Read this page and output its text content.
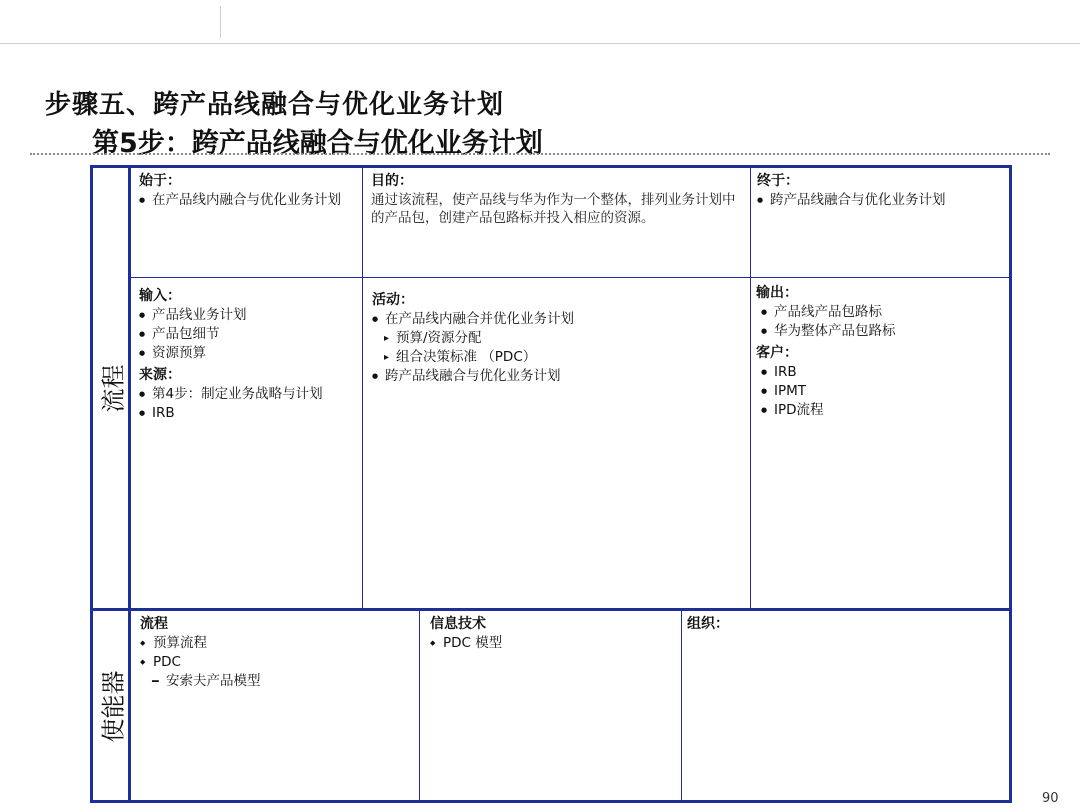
步骤五、跨产品线融合与优化业务计划
第5步：跨产品线融合与优化业务计划
流程
使能器
始于：
● 在产品线内融合与优化业务计划
目的：
通过该流程，使产品线与华为作为一个整体，排列业务计划中的产品包，创建产品包路标并投入相应的资源。
终于：
● 跨产品线融合与优化业务计划
输入：
● 产品线业务计划
● 产品包细节
● 资源预算
来源：
● 第4步：制定业务战略与计划
● IRB
活动：
● 在产品线内融合并优化业务计划
▸ 预算/资源分配
▸ 组合决策标准 （PDC）
● 跨产品线融合与优化业务计划
输出：
● 产品线产品包路标
● 华为整体产品包路标
客户：
● IRB
● IPMT
● IPD流程
流程
◆ 预算流程
◆ PDC
━ 安索夫产品模型
信息技术
◆ PDC 模型
组织：
90
